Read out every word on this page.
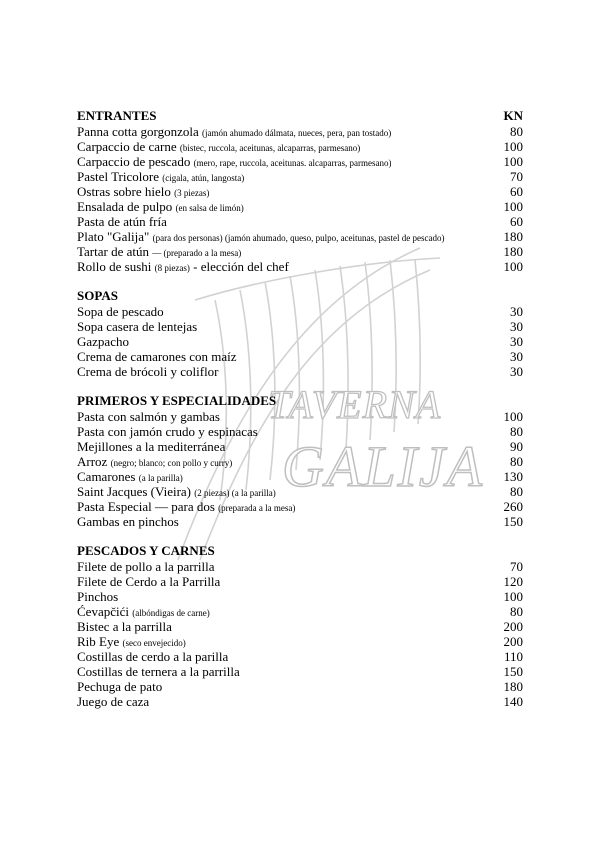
TAVERNA
GALIJA
ENTRANTES	KN
Panna cotta gorgonzola (jamón ahumado dálmata, nueces, pera, pan tostado)	80
Carpaccio de carne (bistec, ruccola, aceitunas, alcaparras, parmesano)	100
Carpaccio de pescado (mero, rape, ruccola, aceitunas. alcaparras, parmesano)	100
Pastel Tricolore (cigala, atún, langosta)	70
Ostras sobre hielo (3 piezas)	60
Ensalada de pulpo (en salsa de limón)	100
Pasta de atún fría	60
Plato "Galija" (para dos personas) (jamón ahumado, queso, pulpo, aceitunas, pastel de pescado)	180
Tartar de atún — (preparado a la mesa)	180
Rollo de sushi (8 piezas) - elección del chef	100
SOPAS
Sopa de pescado	30
Sopa casera de lentejas	30
Gazpacho	30
Crema de camarones con maíz	30
Crema de brócoli y coliflor	30
PRIMEROS Y ESPECIALIDADES
Pasta con salmón y gambas	100
Pasta con jamón crudo y espinacas	80
Mejillones a la mediterránea	90
Arroz (negro; blanco; con pollo y curry)	80
Camarones (a la parilla)	130
Saint Jacques (Vieira) (2 piezas) (a la parilla)	80
Pasta Especial — para dos (preparada a la mesa)	260
Gambas en pinchos	150
PESCADOS Y CARNES
Filete de pollo a la parrilla	70
Filete de Cerdo a la Parrilla	120
Pinchos	100
Ćevapčići (albóndigas de carne)	80
Bistec a la parrilla	200
Rib Eye (seco envejecido)	200
Costillas de cerdo a la parilla	110
Costillas de ternera a la parrilla	150
Pechuga de pato	180
Juego de caza	140
